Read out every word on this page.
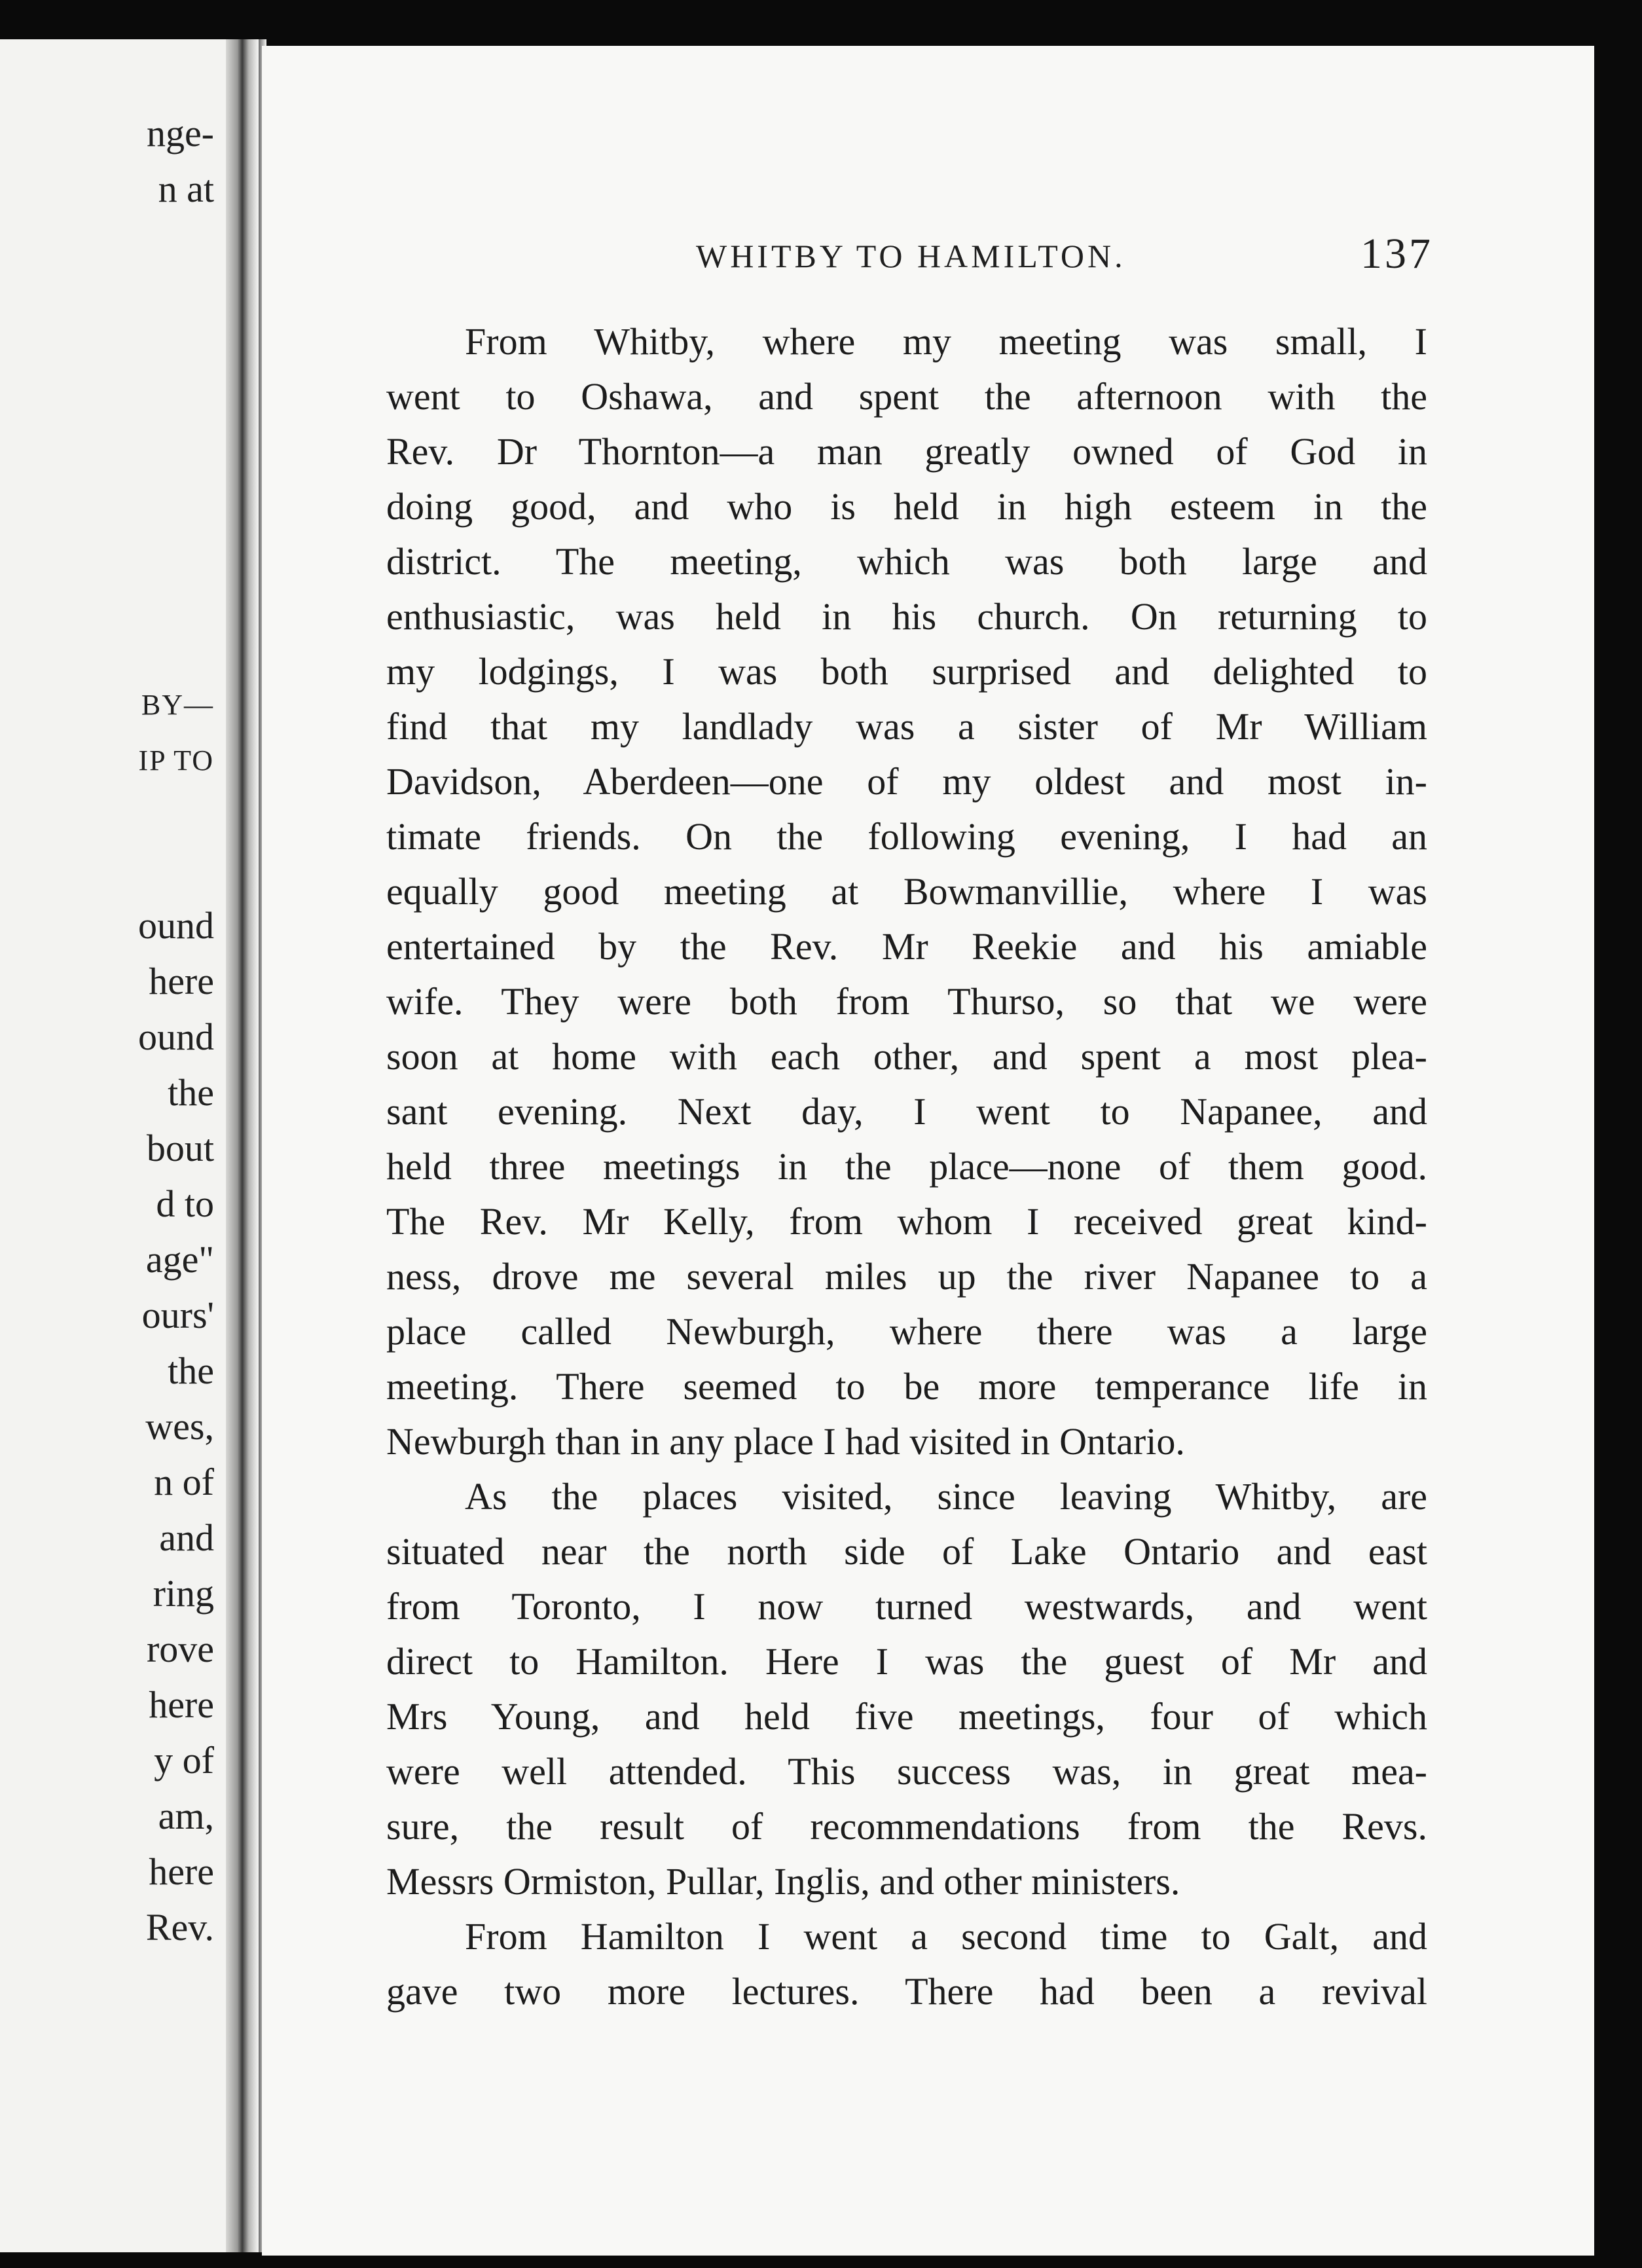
nge-
n at
BY—
IP TO
ound
here
ound
the
bout
d to
age"
ours'
the
wes,
n of
and
ring
rove
here
y of
am,
here
Rev.
WHITBY TO HAMILTON.	137
From Whitby, where my meeting was small, I
went to Oshawa, and spent the afternoon with the
Rev. Dr Thornton—a man greatly owned of God in
doing good, and who is held in high esteem in the
district. The meeting, which was both large and
enthusiastic, was held in his church. On returning to
my lodgings, I was both surprised and delighted to
find that my landlady was a sister of Mr William
Davidson, Aberdeen—one of my oldest and most in-
timate friends. On the following evening, I had an
equally good meeting at Bowmanvillie, where I was
entertained by the Rev. Mr Reekie and his amiable
wife. They were both from Thurso, so that we were
soon at home with each other, and spent a most plea-
sant evening. Next day, I went to Napanee, and
held three meetings in the place—none of them good.
The Rev. Mr Kelly, from whom I received great kind-
ness, drove me several miles up the river Napanee to a
place called Newburgh, where there was a large
meeting. There seemed to be more temperance life in
Newburgh than in any place I had visited in Ontario.
As the places visited, since leaving Whitby, are
situated near the north side of Lake Ontario and east
from Toronto, I now turned westwards, and went
direct to Hamilton. Here I was the guest of Mr and
Mrs Young, and held five meetings, four of which
were well attended. This success was, in great mea-
sure, the result of recommendations from the Revs.
Messrs Ormiston, Pullar, Inglis, and other ministers.
From Hamilton I went a second time to Galt, and
gave two more lectures. There had been a revival
